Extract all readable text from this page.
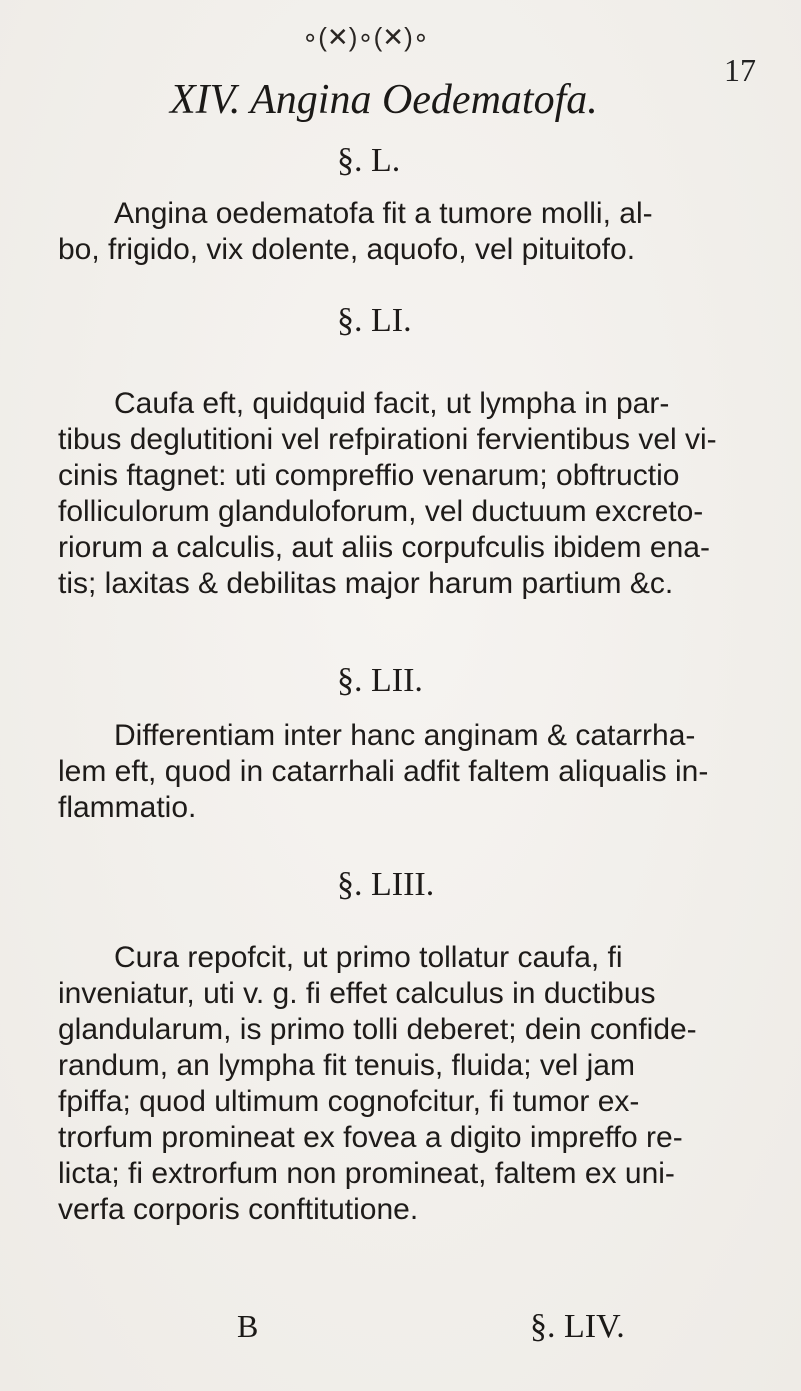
∘(✕)∘(✕)∘
17
XIV. Angina Oedematofa.
§. L.
Angina oedematofa fit a tumore molli, al-
bo, frigido, vix dolente, aquofo, vel pituitofo.
§. LI.
Caufa eft, quidquid facit, ut lympha in par-
tibus deglutitioni vel refpirationi fervientibus vel vi-
cinis ftagnet: uti compreffio venarum; obftructio
folliculorum glanduloforum, vel ductuum excreto-
riorum a calculis, aut aliis corpufculis ibidem ena-
tis; laxitas & debilitas major harum partium &c.
§. LII.
Differentiam inter hanc anginam & catarrha-
lem eft, quod in catarrhali adfit faltem aliqualis in-
flammatio.
§. LIII.
Cura repofcit, ut primo tollatur caufa, fi
inveniatur, uti v. g. fi effet calculus in ductibus
glandularum, is primo tolli deberet; dein confide-
randum, an lympha fit tenuis, fluida; vel jam
fpiffa; quod ultimum cognofcitur, fi tumor ex-
trorfum promineat ex fovea a digito impreffo re-
licta; fi extrorfum non promineat, faltem ex uni-
verfa corporis conftitutione.
B	§. LIV.
